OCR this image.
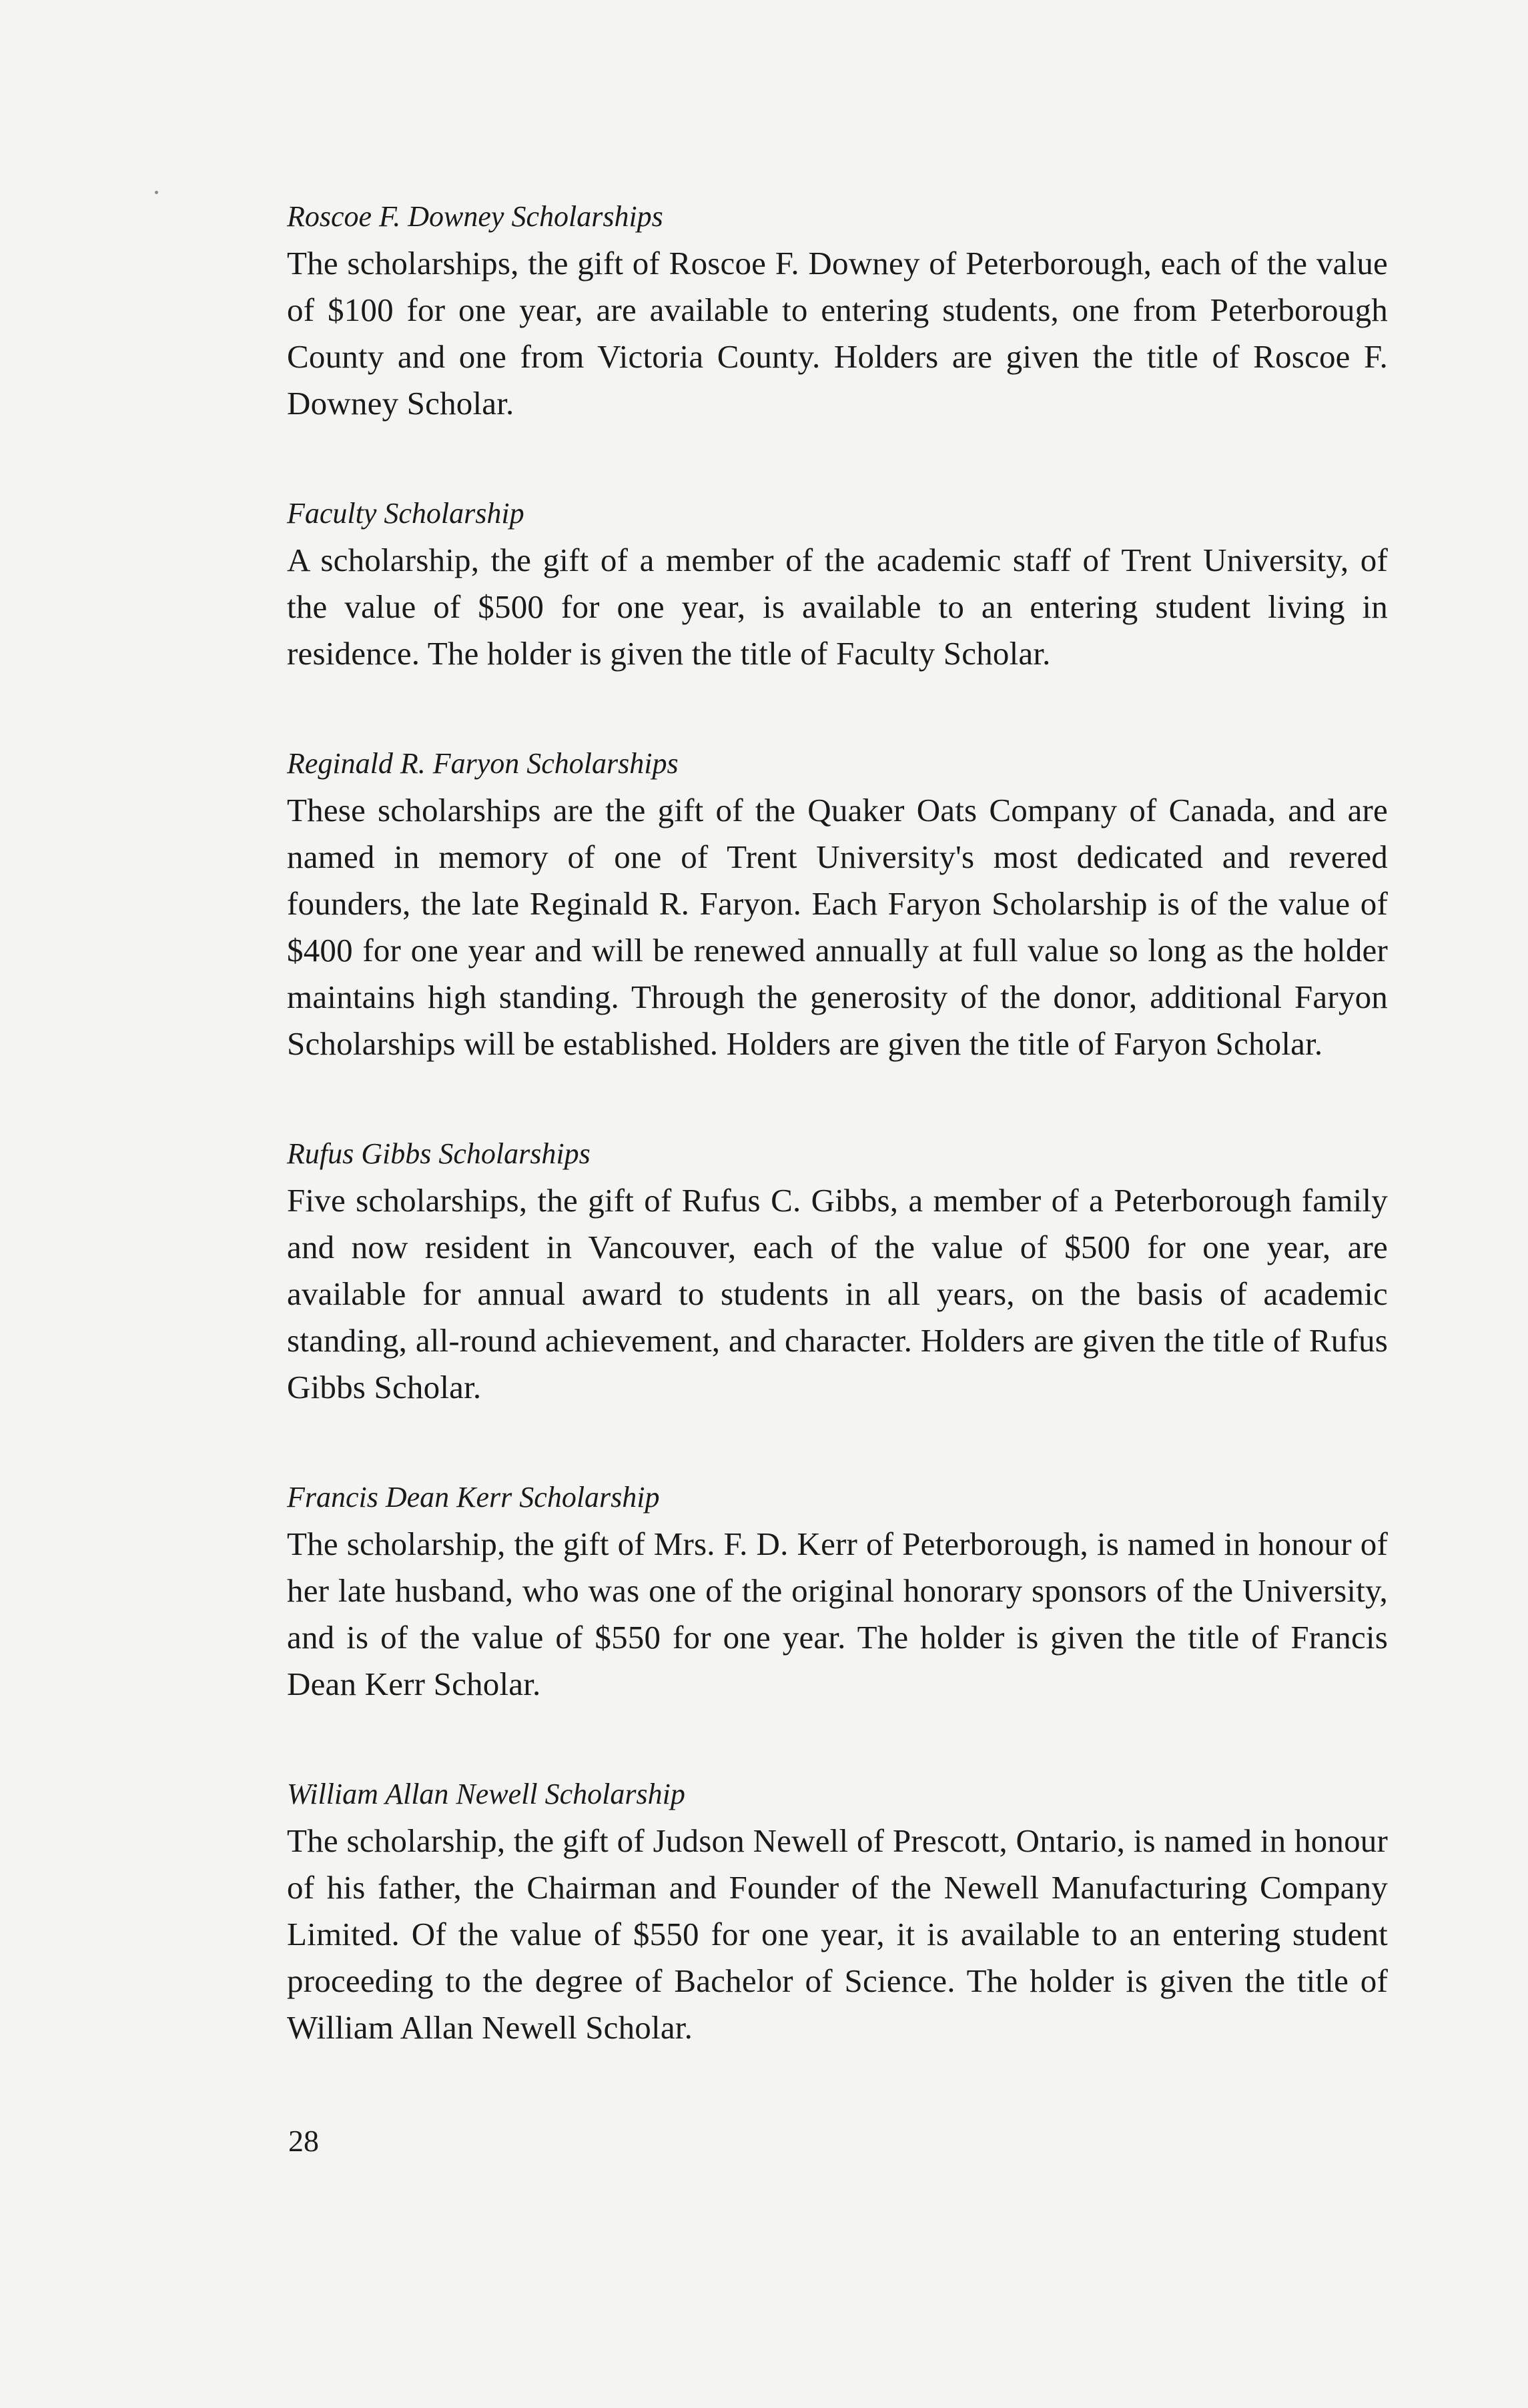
Roscoe F. Downey Scholarships

The scholarships, the gift of Roscoe F. Downey of Peterborough, each of the value of $100 for one year, are available to entering students, one from Peterborough County and one from Victoria County. Holders are given the title of Roscoe F. Downey Scholar.

Faculty Scholarship

A scholarship, the gift of a member of the academic staff of Trent University, of the value of $500 for one year, is available to an entering student living in residence. The holder is given the title of Faculty Scholar.

Reginald R. Faryon Scholarships

These scholarships are the gift of the Quaker Oats Company of Canada, and are named in memory of one of Trent University's most dedicated and revered founders, the late Reginald R. Faryon. Each Faryon Scholarship is of the value of $400 for one year and will be renewed annually at full value so long as the holder maintains high standing. Through the generosity of the donor, additional Faryon Scholarships will be established. Holders are given the title of Faryon Scholar.

Rufus Gibbs Scholarships

Five scholarships, the gift of Rufus C. Gibbs, a member of a Peterborough family and now resident in Vancouver, each of the value of $500 for one year, are available for annual award to students in all years, on the basis of academic standing, all-round achievement, and character. Holders are given the title of Rufus Gibbs Scholar.

Francis Dean Kerr Scholarship

The scholarship, the gift of Mrs. F. D. Kerr of Peterborough, is named in honour of her late husband, who was one of the original honorary sponsors of the University, and is of the value of $550 for one year. The holder is given the title of Francis Dean Kerr Scholar.

William Allan Newell Scholarship

The scholarship, the gift of Judson Newell of Prescott, Ontario, is named in honour of his father, the Chairman and Founder of the Newell Manufacturing Company Limited. Of the value of $550 for one year, it is available to an entering student proceeding to the degree of Bachelor of Science. The holder is given the title of William Allan Newell Scholar.

28
